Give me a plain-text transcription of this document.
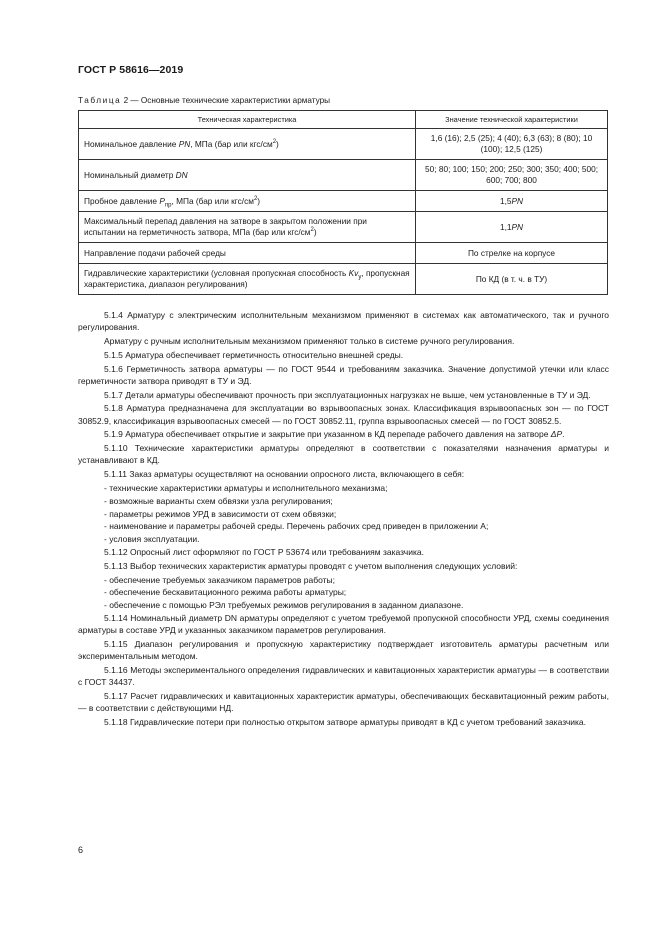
ГОСТ Р 58616—2019
Таблица 2 — Основные технические характеристики арматуры
Техническая характеристика	Значение технической характеристики
Номинальное давление PN, МПа (бар или кгс/$см^2$)	1,6 (16); 2,5 (25); 4 (40); 6,3 (63); 8 (80); 10 (100); 12,5 (125)
Номинальный диаметр DN	50; 80; 100; 150; 200; 250; 300; 350; 400; 500; 600; 700; 800
Пробное давление $P_{пр}$, МПа (бар или кгс/$см^2$)	1,5PN
Максимальный перепад давления на затворе в закрытом положении при испытании на герметичность затвора, МПа (бар или кгс/$см^2$)	1,1PN
Направление подачи рабочей среды	По стрелке на корпусе
Гидравлические характеристики (условная пропускная способность $Kv_y$, пропускная характеристика, диапазон регулирования)	По КД (в т. ч. в ТУ)

5.1.4 Арматуру с электрическим исполнительным механизмом применяют в системах как автоматического, так и ручного регулирования.

Арматуру с ручным исполнительным механизмом применяют только в системе ручного регулирования.

5.1.5 Арматура обеспечивает герметичность относительно внешней среды.

5.1.6 Герметичность затвора арматуры — по ГОСТ 9544 и требованиям заказчика. Значение допустимой утечки или класс герметичности затвора приводят в ТУ и ЭД.

5.1.7 Детали арматуры обеспечивают прочность при эксплуатационных нагрузках не выше, чем установленные в ТУ и ЭД.

5.1.8 Арматура предназначена для эксплуатации во взрывоопасных зонах. Классификация взрывоопасных зон — по ГОСТ 30852.9, классификация взрывоопасных смесей — по ГОСТ 30852.11, группа взрывоопасных смесей — по ГОСТ 30852.5.

5.1.9 Арматура обеспечивает открытие и закрытие при указанном в КД перепаде рабочего давления на затворе ΔP.

5.1.10 Технические характеристики арматуры определяют в соответствии с показателями назначения арматуры и устанавливают в КД.

5.1.11 Заказ арматуры осуществляют на основании опросного листа, включающего в себя:

- технические характеристики арматуры и исполнительного механизма;

- возможные варианты схем обвязки узла регулирования;

- параметры режимов УРД в зависимости от схем обвязки;

- наименование и параметры рабочей среды. Перечень рабочих сред приведен в приложении А;

- условия эксплуатации.

5.1.12 Опросный лист оформляют по ГОСТ Р 53674 или требованиям заказчика.

5.1.13 Выбор технических характеристик арматуры проводят с учетом выполнения следующих условий:

- обеспечение требуемых заказчиком параметров работы;

- обеспечение бескавитационного режима работы арматуры;

- обеспечение с помощью РЭл требуемых режимов регулирования в заданном диапазоне.

5.1.14 Номинальный диаметр DN арматуры определяют с учетом требуемой пропускной способности УРД, схемы соединения арматуры в составе УРД и указанных заказчиком параметров регулирования.

5.1.15 Диапазон регулирования и пропускную характеристику подтверждает изготовитель арматуры расчетным или экспериментальным методом.

5.1.16 Методы экспериментального определения гидравлических и кавитационных характеристик арматуры — в соответствии с ГОСТ 34437.

5.1.17 Расчет гидравлических и кавитационных характеристик арматуры, обеспечивающих бескавитационный режим работы, — в соответствии с действующими НД.

5.1.18 Гидравлические потери при полностью открытом затворе арматуры приводят в КД с учетом требований заказчика.

6
